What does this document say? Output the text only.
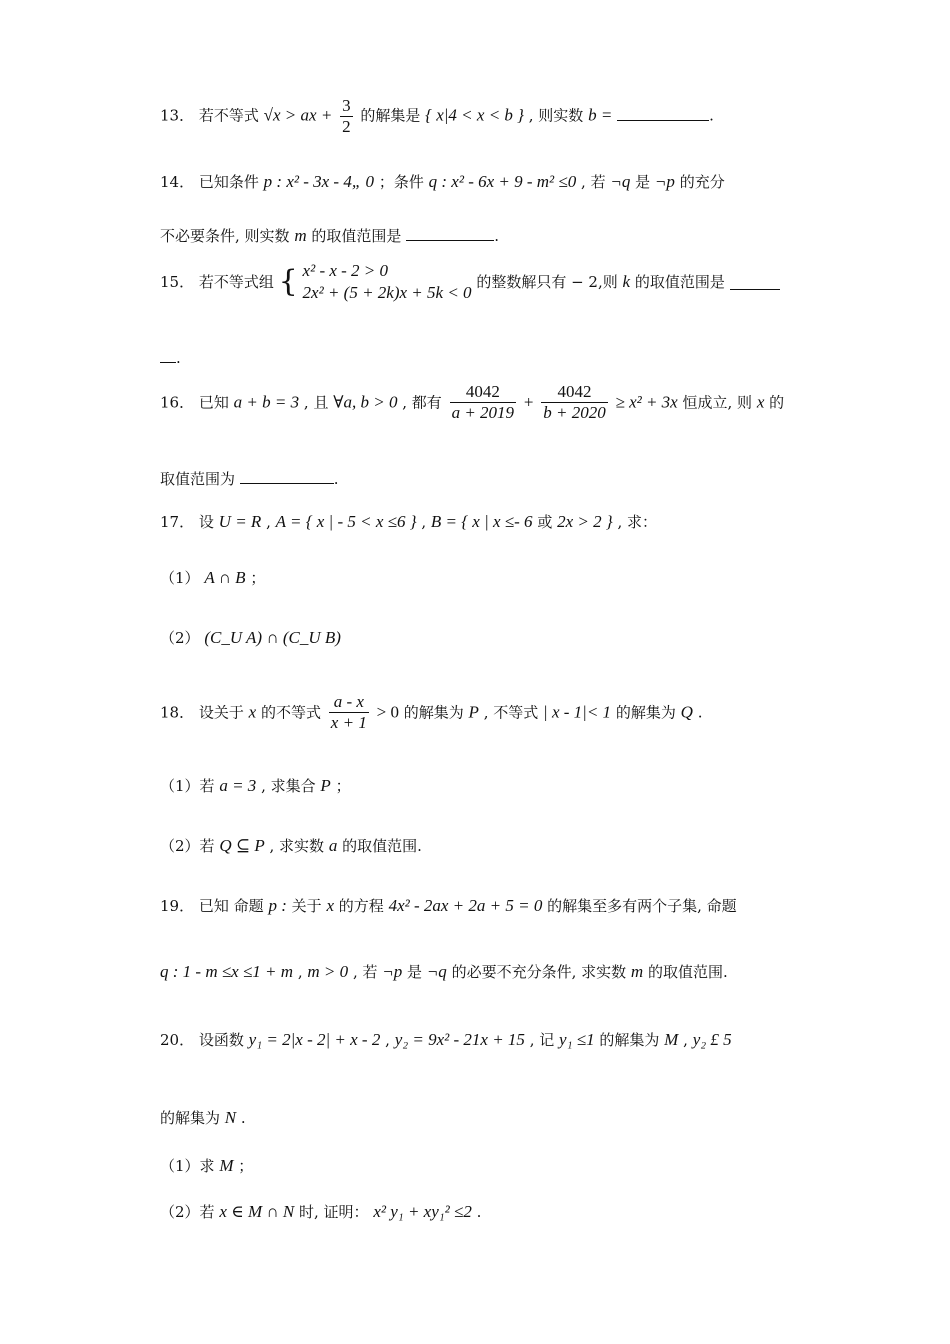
13． 若不等式 √x > ax + $\frac{3}{2}$ 的解集是 { x|4 < x < b } , 则实数 b =	.
14． 已知条件 p : x² - 3x - 4„ 0 ；条件 q : x² - 6x + 9 - m² ≤0 , 若 ¬q 是 ¬p 的充分
不必要条件, 则实数 m 的取值范围是	.
15． 若不等式组 { x² - x - 2 > 0
2x² + (5 + 2k)x + 5k < 0
的整数解只有 − 2,则 k 的取值范围是
.
16． 已知 a + b = 3 , 且 ∀a, b > 0 , 都有 $\frac{4042}{a + 2019} + \frac{4042}{b + 2020} \ge x^2 + 3x$ 恒成立, 则 x 的
取值范围为	.
17． 设 U = R , A = { x | - 5 < x ≤6 } , B = { x | x ≤- 6 或 2x > 2 } , 求：
（1） A ∩ B ；
（2） (C_U A) ∩ (C_U B)
18． 设关于 x 的不等式 $\frac{a - x}{x + 1} > 0$ 的解集为 P , 不等式 | x - 1|< 1 的解集为 Q .
（1）若 a = 3 , 求集合 P ；
（2）若 Q ⊆ P , 求实数 a 的取值范围.
19． 已知 命题 p : 关于 x 的方程 4x² - 2ax + 2a + 5 = 0 的解集至多有两个子集, 命题
q : 1 - m ≤x ≤1 + m , m > 0 , 若 ¬p 是 ¬q 的必要不充分条件, 求实数 m 的取值范围.
20． 设函数 y₁ = 2|x - 2| + x - 2 , y₂ = 9x² - 21x + 15 , 记 y₁ ≤1 的解集为 M , y₂ £ 5
的解集为 N .
（1）求 M ；
（2）若 x ∈ M ∩ N 时, 证明： x² y₁ + xy₁² ≤2 .
